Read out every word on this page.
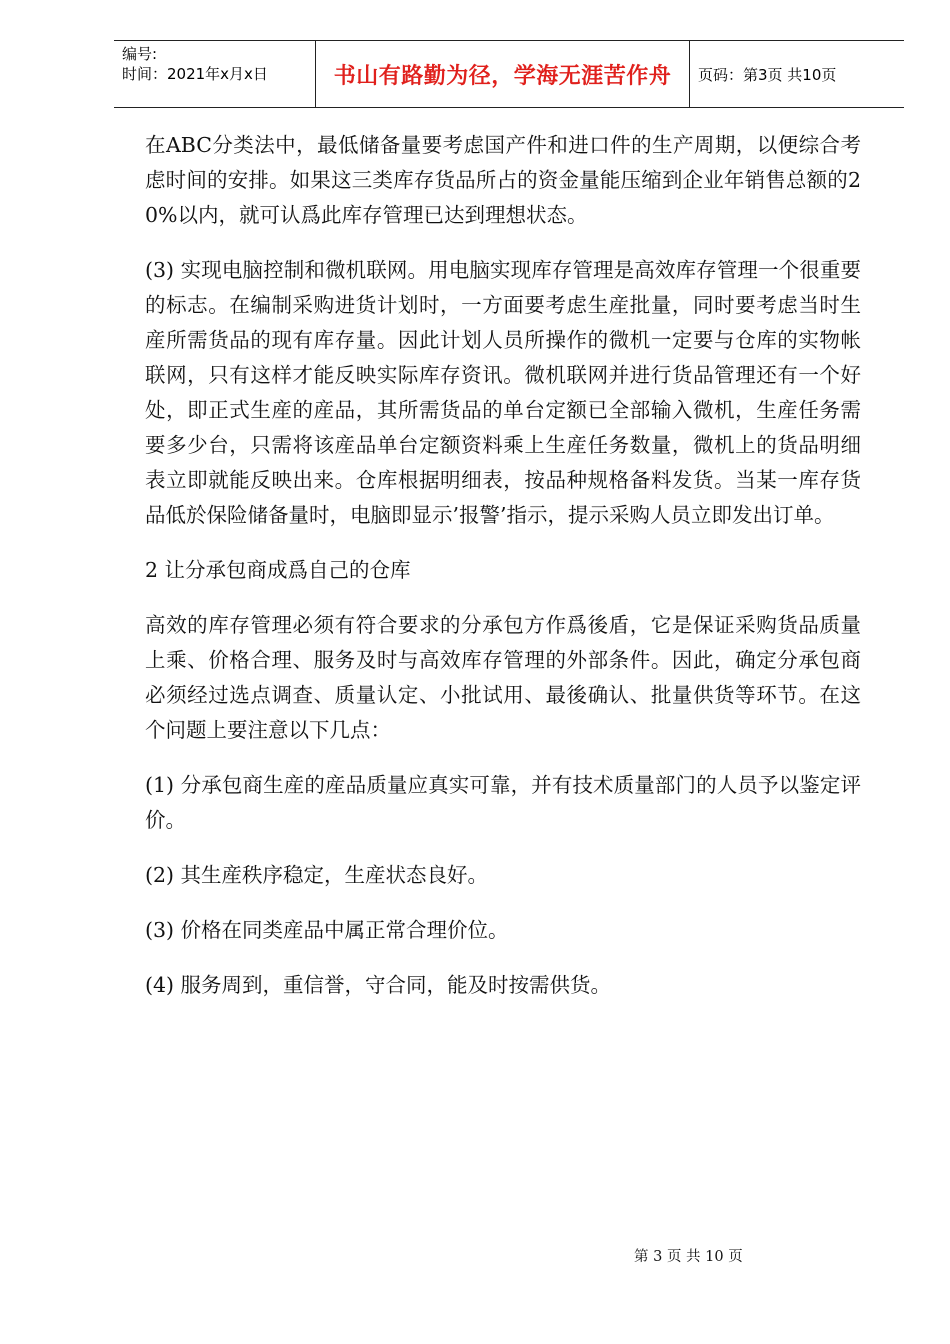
编号:
时间：2021年x月x日	书山有路勤为径，学海无涯苦作舟	页码：第3页 共10页

在ABC分类法中，最低储备量要考虑国产件和进口件的生产周期，以便综合考虑时间的安排。如果这三类库存货品所占的资金量能压缩到企业年销售总额的20%以内，就可认爲此库存管理已达到理想状态。

(3) 实现电脑控制和微机联网。用电脑实现库存管理是高效库存管理一个很重要的标志。在编制采购进货计划时，一方面要考虑生産批量，同时要考虑当时生産所需货品的现有库存量。因此计划人员所操作的微机一定要与仓库的实物帐联网，只有这样才能反映实际库存资讯。微机联网并进行货品管理还有一个好处，即正式生産的産品，其所需货品的单台定额已全部输入微机，生産任务需要多少台，只需将该産品单台定额资料乘上生産任务数量，微机上的货品明细表立即就能反映出来。仓库根据明细表，按品种规格备料发货。当某一库存货品低於保险储备量时，电脑即显示’报警’指示，提示采购人员立即发出订单。

2 让分承包商成爲自己的仓库

高效的库存管理必须有符合要求的分承包方作爲後盾，它是保证采购货品质量上乘、价格合理、服务及时与高效库存管理的外部条件。因此，确定分承包商必须经过选点调查、质量认定、小批试用、最後确认、批量供货等环节。在这个问题上要注意以下几点：

(1) 分承包商生産的産品质量应真实可靠，并有技术质量部门的人员予以鉴定评价。

(2) 其生産秩序稳定，生産状态良好。

(3) 价格在同类産品中属正常合理价位。

(4) 服务周到，重信誉，守合同，能及时按需供货。

第 3 页 共 10 页
